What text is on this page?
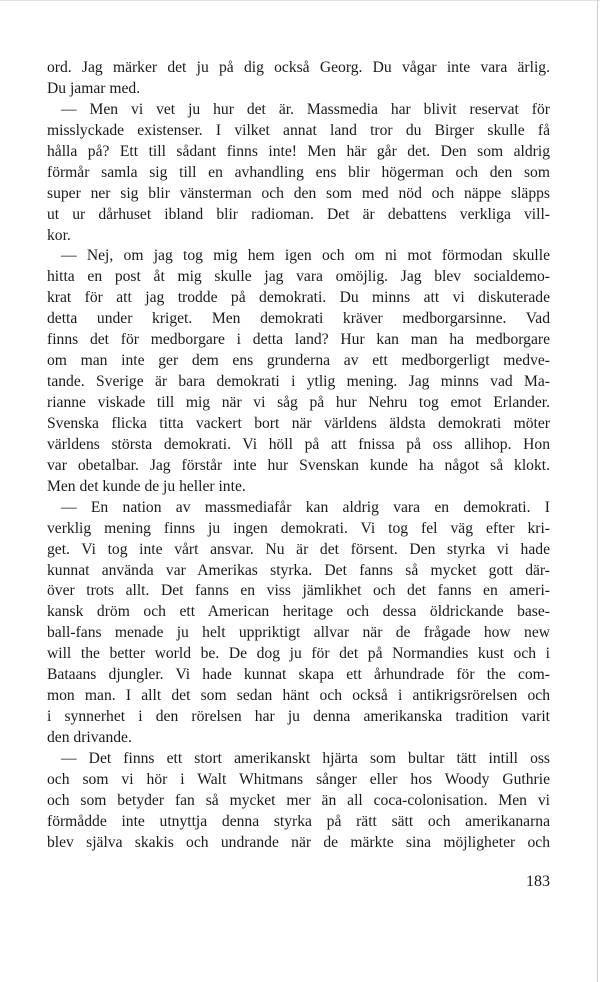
ord. Jag märker det ju på dig också Georg. Du vågar inte vara ärlig.
Du jamar med.
— Men vi vet ju hur det är. Massmedia har blivit reservat för
misslyckade existenser. I vilket annat land tror du Birger skulle få
hålla på? Ett till sådant finns inte! Men här går det. Den som aldrig
förmår samla sig till en avhandling ens blir högerman och den som
super ner sig blir vänsterman och den som med nöd och näppe släpps
ut ur dårhuset ibland blir radioman. Det är debattens verkliga vill-
kor.
— Nej, om jag tog mig hem igen och om ni mot förmodan skulle
hitta en post åt mig skulle jag vara omöjlig. Jag blev socialdemo-
krat för att jag trodde på demokrati. Du minns att vi diskuterade
detta under kriget. Men demokrati kräver medborgarsinne. Vad
finns det för medborgare i detta land? Hur kan man ha medborgare
om man inte ger dem ens grunderna av ett medborgerligt medve-
tande. Sverige är bara demokrati i ytlig mening. Jag minns vad Ma-
rianne viskade till mig när vi såg på hur Nehru tog emot Erlander.
Svenska flicka titta vackert bort när världens äldsta demokrati möter
världens största demokrati. Vi höll på att fnissa på oss allihop. Hon
var obetalbar. Jag förstår inte hur Svenskan kunde ha något så klokt.
Men det kunde de ju heller inte.
— En nation av massmediafår kan aldrig vara en demokrati. I
verklig mening finns ju ingen demokrati. Vi tog fel väg efter kri-
get. Vi tog inte vårt ansvar. Nu är det försent. Den styrka vi hade
kunnat använda var Amerikas styrka. Det fanns så mycket gott där-
över trots allt. Det fanns en viss jämlikhet och det fanns en ameri-
kansk dröm och ett American heritage och dessa öldrickande base-
ball-fans menade ju helt uppriktigt allvar när de frågade how new
will the better world be. De dog ju för det på Normandies kust och i
Bataans djungler. Vi hade kunnat skapa ett århundrade för the com-
mon man. I allt det som sedan hänt och också i antikrigsrörelsen och
i synnerhet i den rörelsen har ju denna amerikanska tradition varit
den drivande.
— Det finns ett stort amerikanskt hjärta som bultar tätt intill oss
och som vi hör i Walt Whitmans sånger eller hos Woody Guthrie
och som betyder fan så mycket mer än all coca-colonisation. Men vi
förmådde inte utnyttja denna styrka på rätt sätt och amerikanarna
blev själva skakis och undrande när de märkte sina möjligheter och
183
